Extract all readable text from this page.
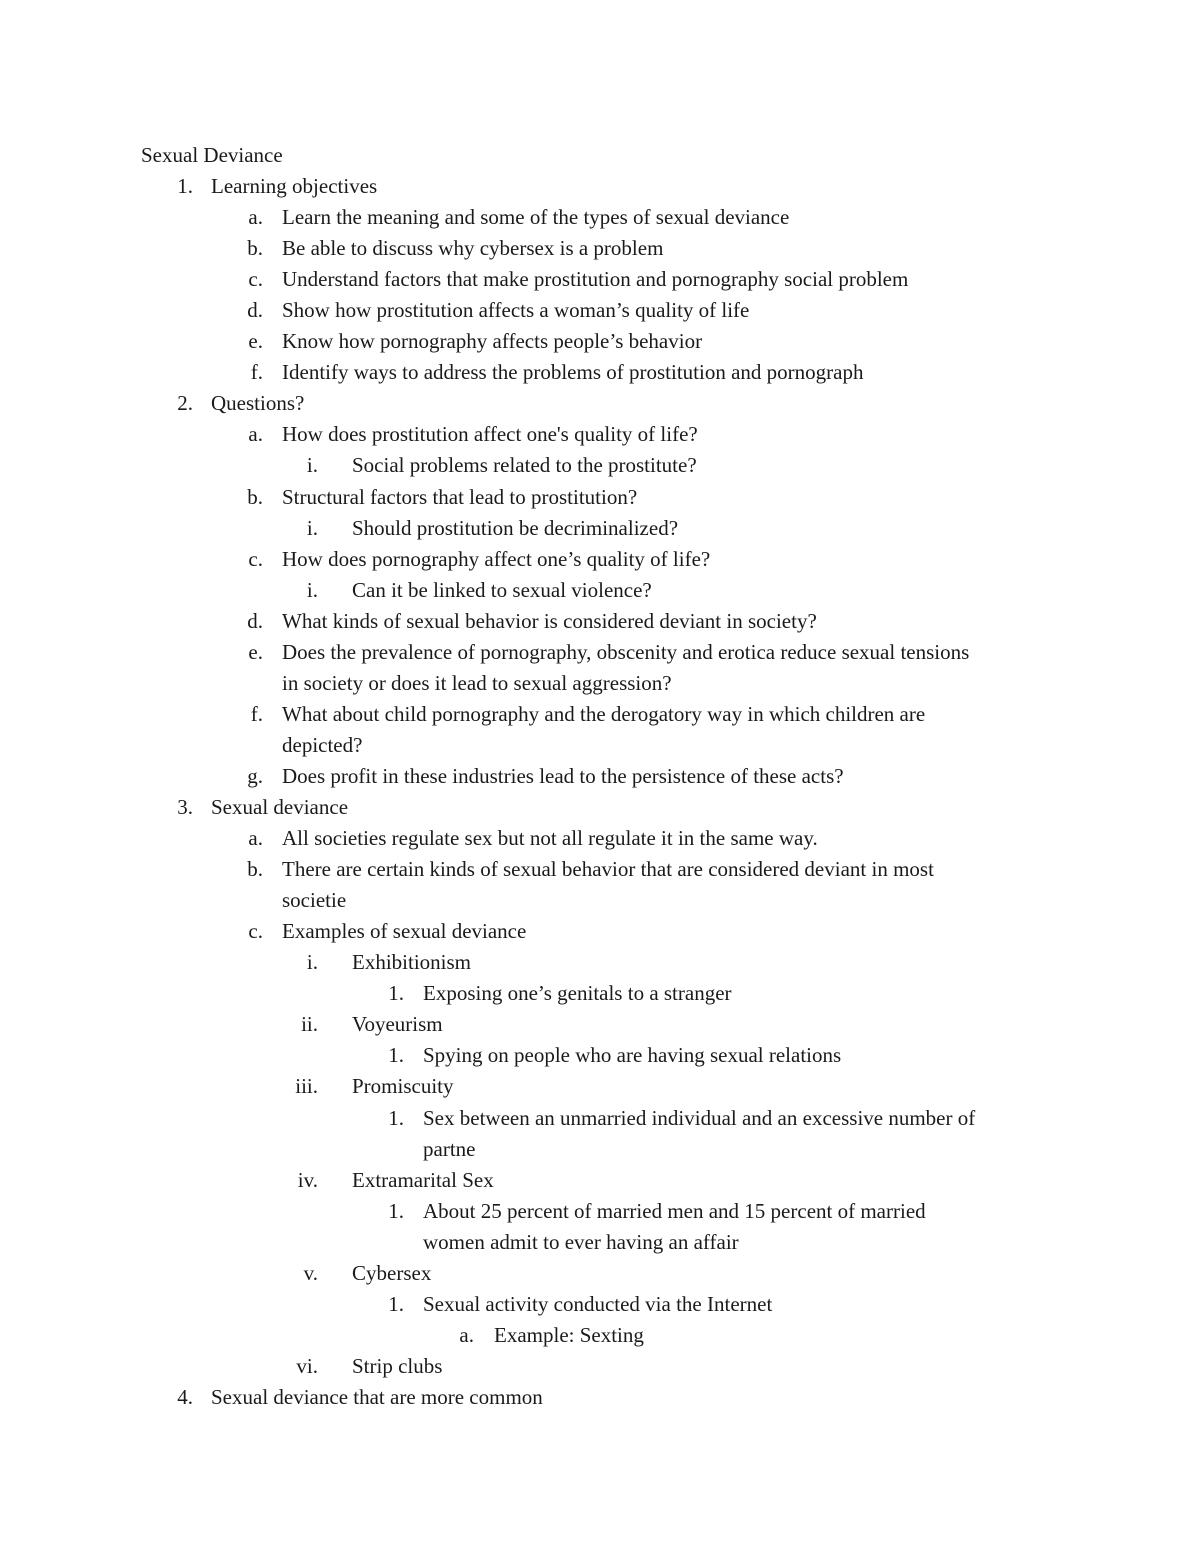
Sexual Deviance
1. Learning objectives
a. Learn the meaning and some of the types of sexual deviance
b. Be able to discuss why cybersex is a problem
c. Understand factors that make prostitution and pornography social problem
d. Show how prostitution affects a woman’s quality of life
e. Know how pornography affects people’s behavior
f. Identify ways to address the problems of prostitution and pornograph
2. Questions?
a. How does prostitution affect one's quality of life?
i. Social problems related to the prostitute?
b. Structural factors that lead to prostitution?
i. Should prostitution be decriminalized?
c. How does pornography affect one’s quality of life?
i. Can it be linked to sexual violence?
d. What kinds of sexual behavior is considered deviant in society?
e. Does the prevalence of pornography, obscenity and erotica reduce sexual tensions
in society or does it lead to sexual aggression?
f. What about child pornography and the derogatory way in which children are
depicted?
g. Does profit in these industries lead to the persistence of these acts?
3. Sexual deviance
a. All societies regulate sex but not all regulate it in the same way.
b. There are certain kinds of sexual behavior that are considered deviant in most
societie
c. Examples of sexual deviance
i. Exhibitionism
1. Exposing one’s genitals to a stranger
ii. Voyeurism
1. Spying on people who are having sexual relations
iii. Promiscuity
1. Sex between an unmarried individual and an excessive number of
partne
iv. Extramarital Sex
1. About 25 percent of married men and 15 percent of married
women admit to ever having an affair
v. Cybersex
1. Sexual activity conducted via the Internet
a. Example: Sexting
vi. Strip clubs
4. Sexual deviance that are more common
